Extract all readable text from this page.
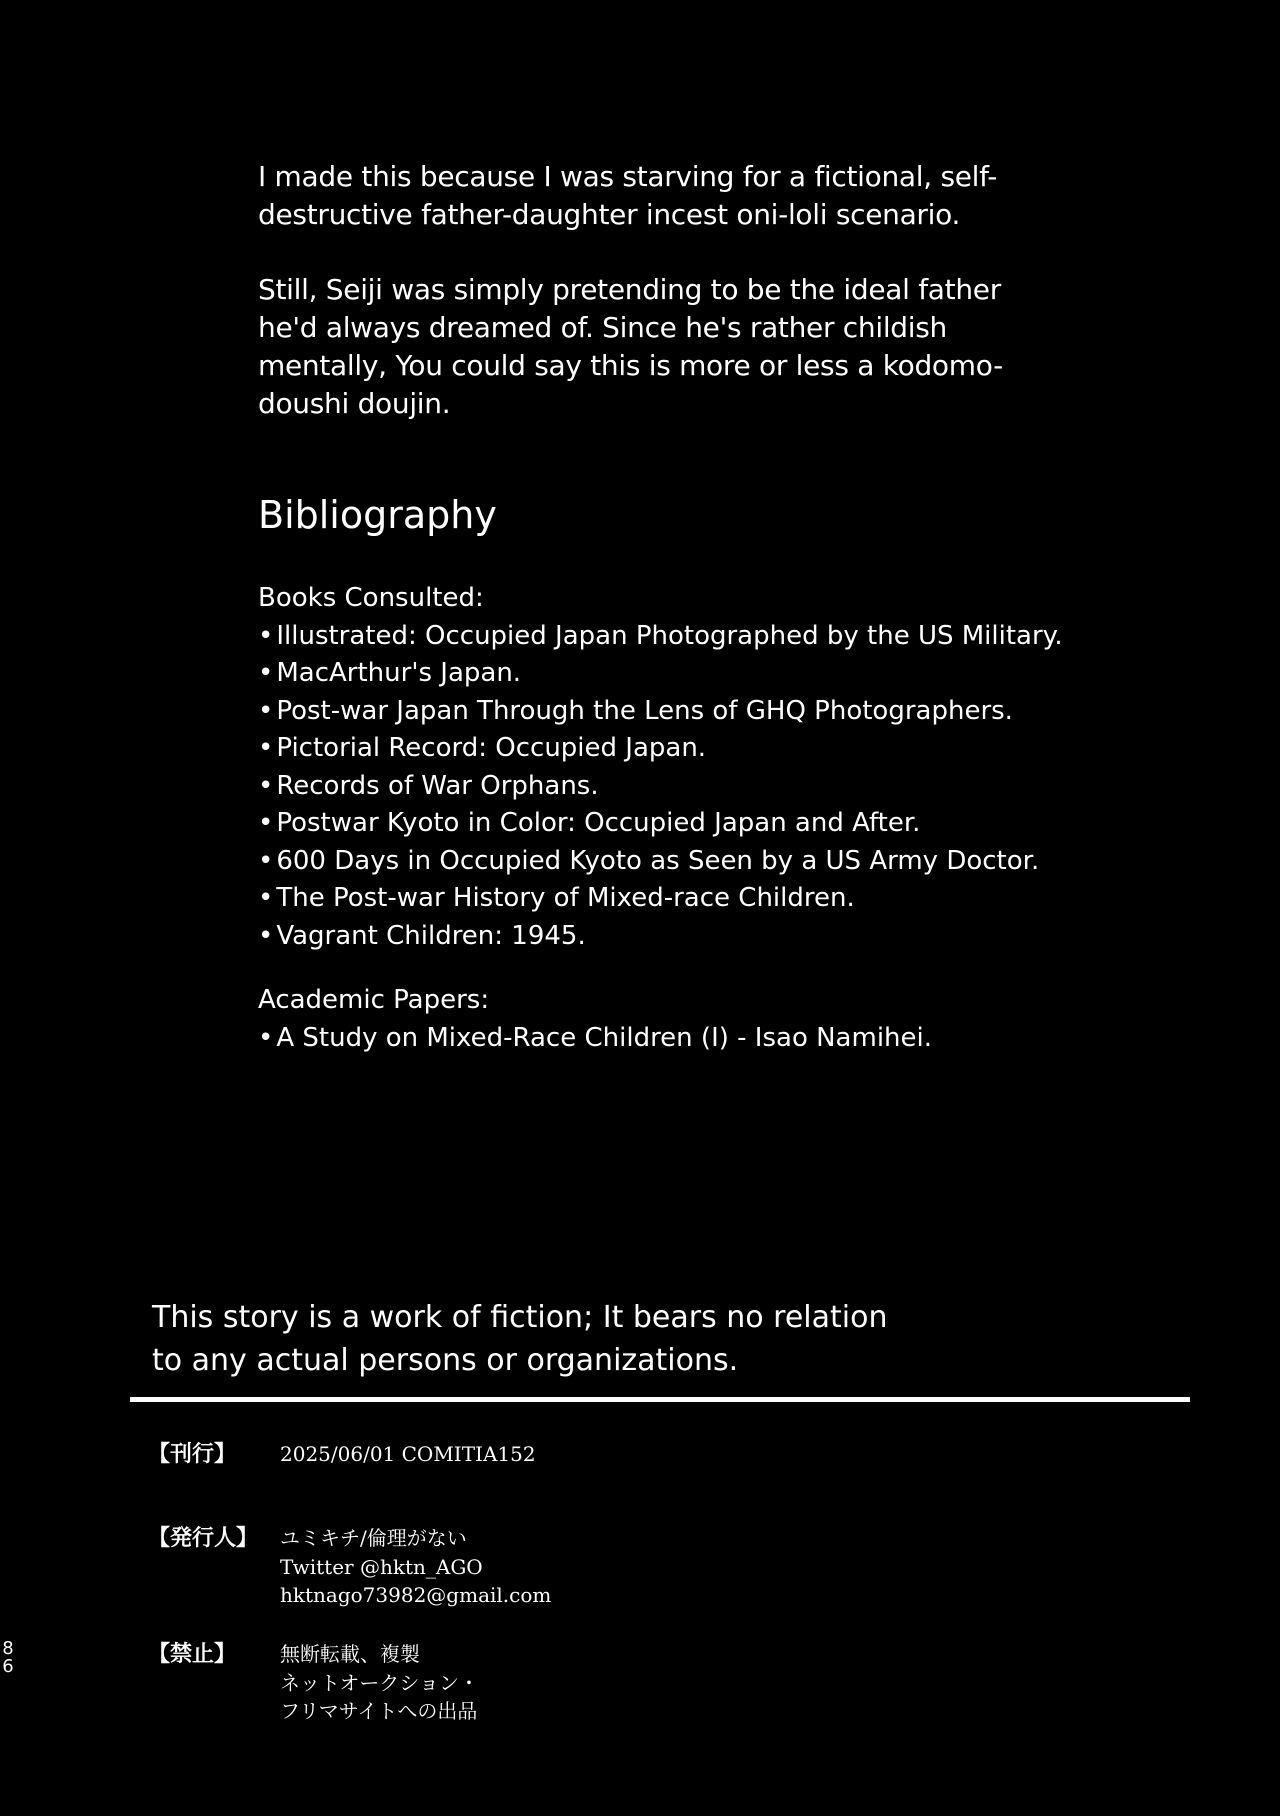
I made this because I was starving for a fictional, self-destructive father-daughter incest oni-loli scenario.

Still, Seiji was simply pretending to be the ideal father he'd always dreamed of. Since he's rather childish mentally, You could say this is more or less a kodomo-doushi doujin.

Bibliography
Books Consulted:
• Illustrated: Occupied Japan Photographed by the US Military.
• MacArthur's Japan.
• Post-war Japan Through the Lens of GHQ Photographers.
• Pictorial Record: Occupied Japan.
• Records of War Orphans.
• Postwar Kyoto in Color: Occupied Japan and After.
• 600 Days in Occupied Kyoto as Seen by a US Army Doctor.
• The Post-war History of Mixed-race Children.
• Vagrant Children: 1945.
Academic Papers:
• A Study on Mixed-Race Children (I) - Isao Namihei.
This story is a work of fiction; It bears no relation
to any actual persons or organizations.
【刊行】	2025/06/01 COMITIA152
【発行人】	ユミキチ/倫理がない
Twitter @hktn_AGO
hktnago73982@gmail.com
【禁止】	無断転載、複製
ネットオークション・
フリマサイトへの出品
8
6
